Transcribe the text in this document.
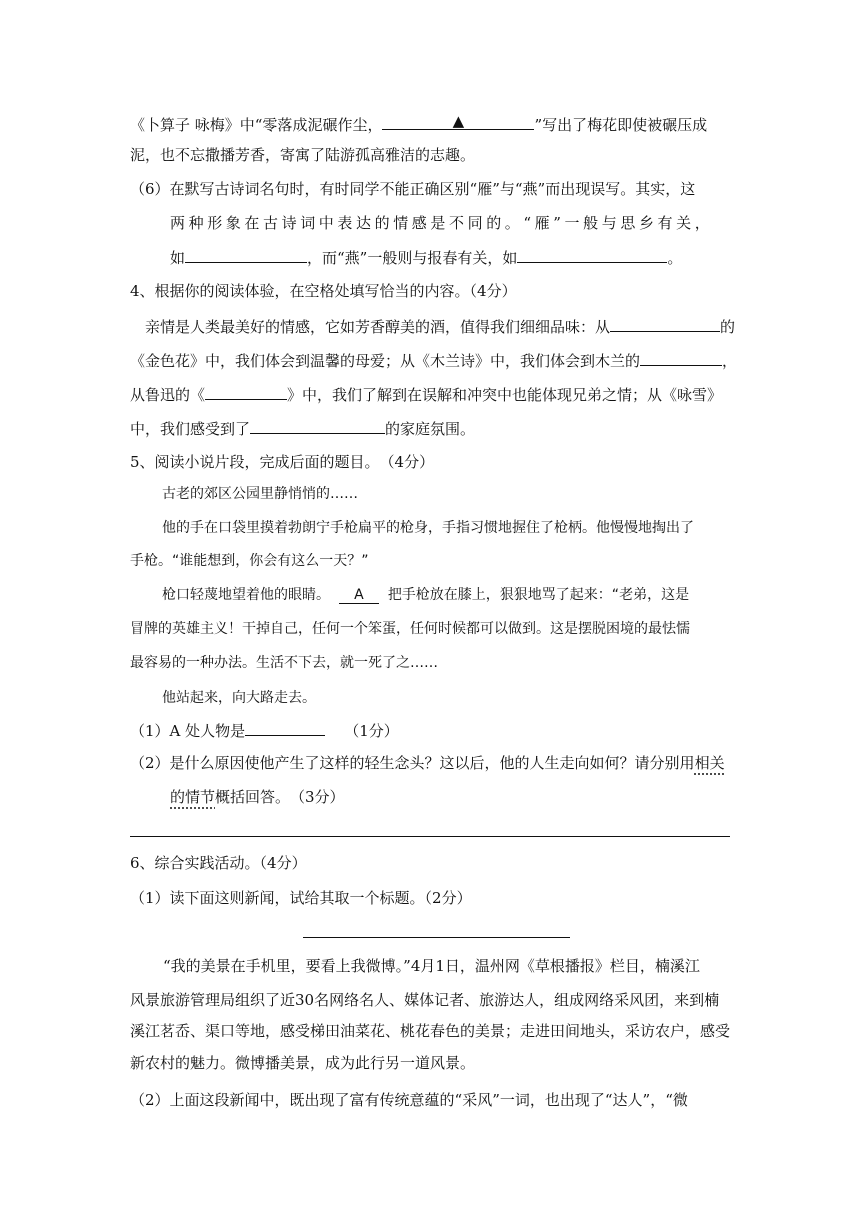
《卜算子 咏梅》中“零落成泥碾作尘，	▲	”写出了梅花即使被碾压成
泥，也不忘撒播芳香，寄寓了陆游孤高雅洁的志趣。
（6）在默写古诗词名句时，有时同学不能正确区别“雁”与“燕”而出现误写。其实，这
两种形象在古诗词中表达的情感是不同的。“雁”一般与思乡有关，
如	，而“燕”一般则与报春有关，如	。
4、根据你的阅读体验，在空格处填写恰当的内容。（4分）
亲情是人类最美好的情感，它如芳香醇美的酒，值得我们细细品味：从	的
《金色花》中，我们体会到温馨的母爱；从《木兰诗》中，我们体会到木兰的	，
从鲁迅的《	》中，我们了解到在误解和冲突中也能体现兄弟之情；从《咏雪》
中，我们感受到了	的家庭氛围。
5、阅读小说片段，完成后面的题目。　（4分）
古老的郊区公园里静悄悄的……
他的手在口袋里摸着勃朗宁手枪扁平的枪身，手指习惯地握住了枪柄。他慢慢地掏出了
手枪。“谁能想到，你会有这么一天？”
枪口轻蔑地望着他的眼睛。 A 把手枪放在膝上，狠狠地骂了起来：“老弟，这是
冒牌的英雄主义！干掉自己，任何一个笨蛋，任何时候都可以做到。这是摆脱困境的最怯懦
最容易的一种办法。生活不下去，就一死了之……
他站起来，向大路走去。
（1）A 处人物是	（1分）
（2）是什么原因使他产生了这样的轻生念头？这以后，他的人生走向如何？请分别用相关
的情节概括回答。　（3分）
6、综合实践活动。（4分）
（1）读下面这则新闻，试给其取一个标题。（2分）
“我的美景在手机里，要看上我微博。”4月1日，温州网《草根播报》栏目，楠溪江
风景旅游管理局组织了近30名网络名人、媒体记者、旅游达人，组成网络采风团，来到楠
溪江茗岙、渠口等地，感受梯田油菜花、桃花春色的美景；走进田间地头，采访农户，感受
新农村的魅力。微博播美景，成为此行另一道风景。
（2）上面这段新闻中，既出现了富有传统意蕴的“采风”一词，也出现了“达人”，“微
